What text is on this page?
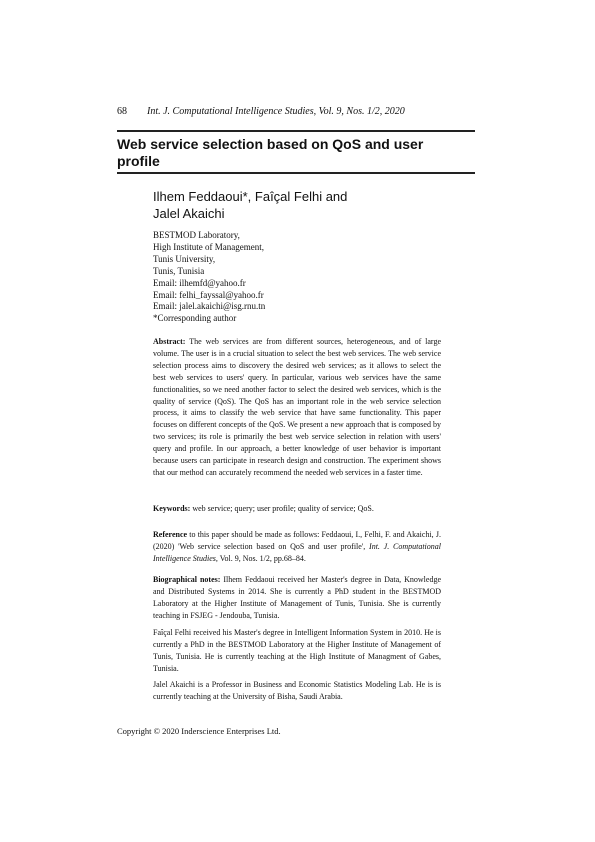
68 Int. J. Computational Intelligence Studies, Vol. 9, Nos. 1/2, 2020
Web service selection based on QoS and user profile
Ilhem Feddaoui*, Faîçal Felhi and
Jalel Akaichi
BESTMOD Laboratory,
High Institute of Management,
Tunis University,
Tunis, Tunisia
Email: ilhemfd@yahoo.fr
Email: felhi_fayssal@yahoo.fr
Email: jalel.akaichi@isg.rnu.tn
*Corresponding author
Abstract: The web services are from different sources, heterogeneous, and of large volume. The user is in a crucial situation to select the best web services. The web service selection process aims to discovery the desired web services; as it allows to select the best web services to users' query. In particular, various web services have the same functionalities, so we need another factor to select the desired web services, which is the quality of service (QoS). The QoS has an important role in the web service selection process, it aims to classify the web service that have same functionality. This paper focuses on different concepts of the QoS. We present a new approach that is composed by two services; its role is primarily the best web service selection in relation with users' query and profile. In our approach, a better knowledge of user behavior is important because users can participate in research design and construction. The experiment shows that our method can accurately recommend the needed web services in a faster time.
Keywords: web service; query; user profile; quality of service; QoS.
Reference to this paper should be made as follows: Feddaoui, I., Felhi, F. and Akaichi, J. (2020) 'Web service selection based on QoS and user profile', Int. J. Computational Intelligence Studies, Vol. 9, Nos. 1/2, pp.68–84.
Biographical notes: Ilhem Feddaoui received her Master's degree in Data, Knowledge and Distributed Systems in 2014. She is currently a PhD student in the BESTMOD Laboratory at the Higher Institute of Management of Tunis, Tunisia. She is currently teaching in FSJEG - Jendouba, Tunisia.
Faîçal Felhi received his Master's degree in Intelligent Information System in 2010. He is currently a PhD in the BESTMOD Laboratory at the Higher Institute of Management of Tunis, Tunisia. He is currently teaching at the High Institute of Managment of Gabes, Tunisia.
Jalel Akaichi is a Professor in Business and Economic Statistics Modeling Lab. He is is currently teaching at the University of Bisha, Saudi Arabia.
Copyright © 2020 Inderscience Enterprises Ltd.
